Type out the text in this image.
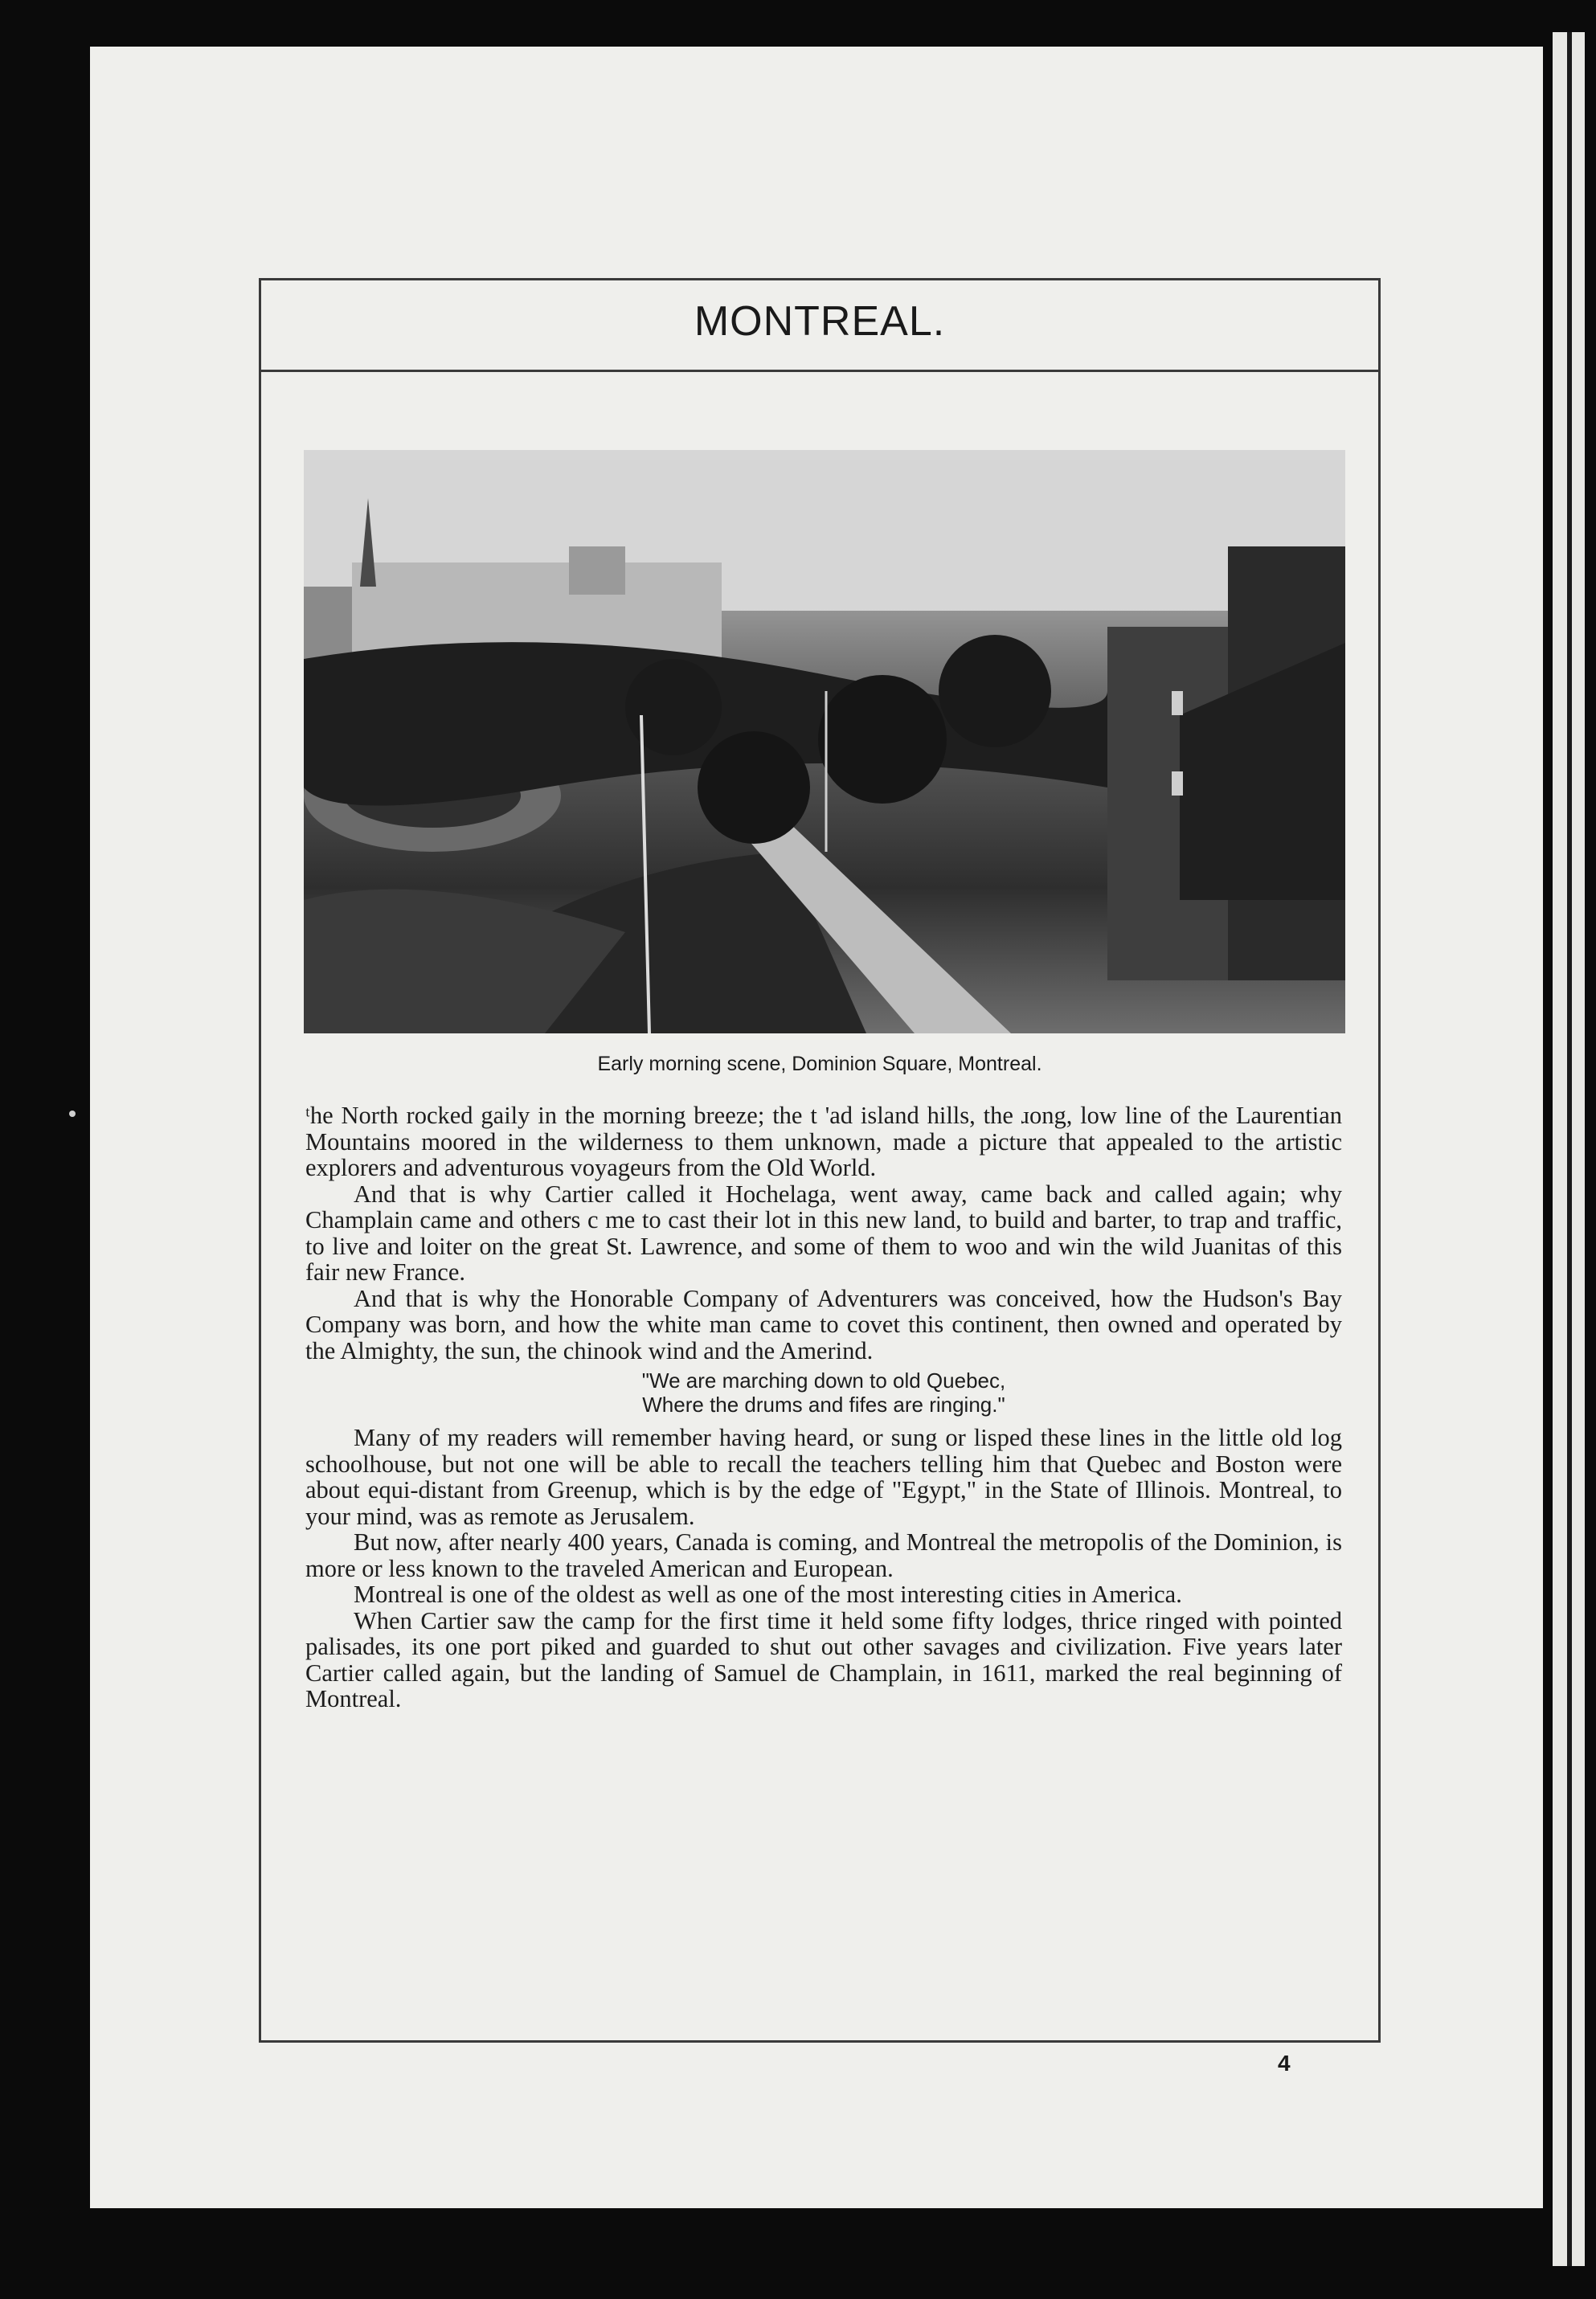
MONTREAL.
Early morning scene, Dominion Square, Montreal.

ᵗhe North rocked gaily in the morning breeze; the t 'ad island hills, the ɹong, low line of the Laurentian Mountains moored in the wilderness to them unknown, made a picture that appealed to the artistic explorers and adventurous voyageurs from the Old World.

And that is why Cartier called it Hochelaga, went away, came back and called again; why Champlain came and others c me to cast their lot in this new land, to build and barter, to trap and traffic, to live and loiter on the great St. Lawrence, and some of them to woo and win the wild Juanitas of this fair new France.

And that is why the Honorable Company of Adventurers was conceived, how the Hudson's Bay Company was born, and how the white man came to covet this continent, then owned and operated by the Almighty, the sun, the chinook wind and the Amerind.

"We are marching down to old Quebec,
Where the drums and fifes are ringing."

Many of my readers will remember having heard, or sung or lisped these lines in the little old log schoolhouse, but not one will be able to recall the teachers telling him that Quebec and Boston were about equi-distant from Greenup, which is by the edge of "Egypt," in the State of Illinois. Montreal, to your mind, was as remote as Jerusalem.

But now, after nearly 400 years, Canada is coming, and Montreal the metropolis of the Dominion, is more or less known to the traveled American and European.

Montreal is one of the oldest as well as one of the most interesting cities in America.

When Cartier saw the camp for the first time it held some fifty lodges, thrice ringed with pointed palisades, its one port piked and guarded to shut out other savages and civilization. Five years later Cartier called again, but the landing of Samuel de Champlain, in 1611, marked the real beginning of Montreal.

4
